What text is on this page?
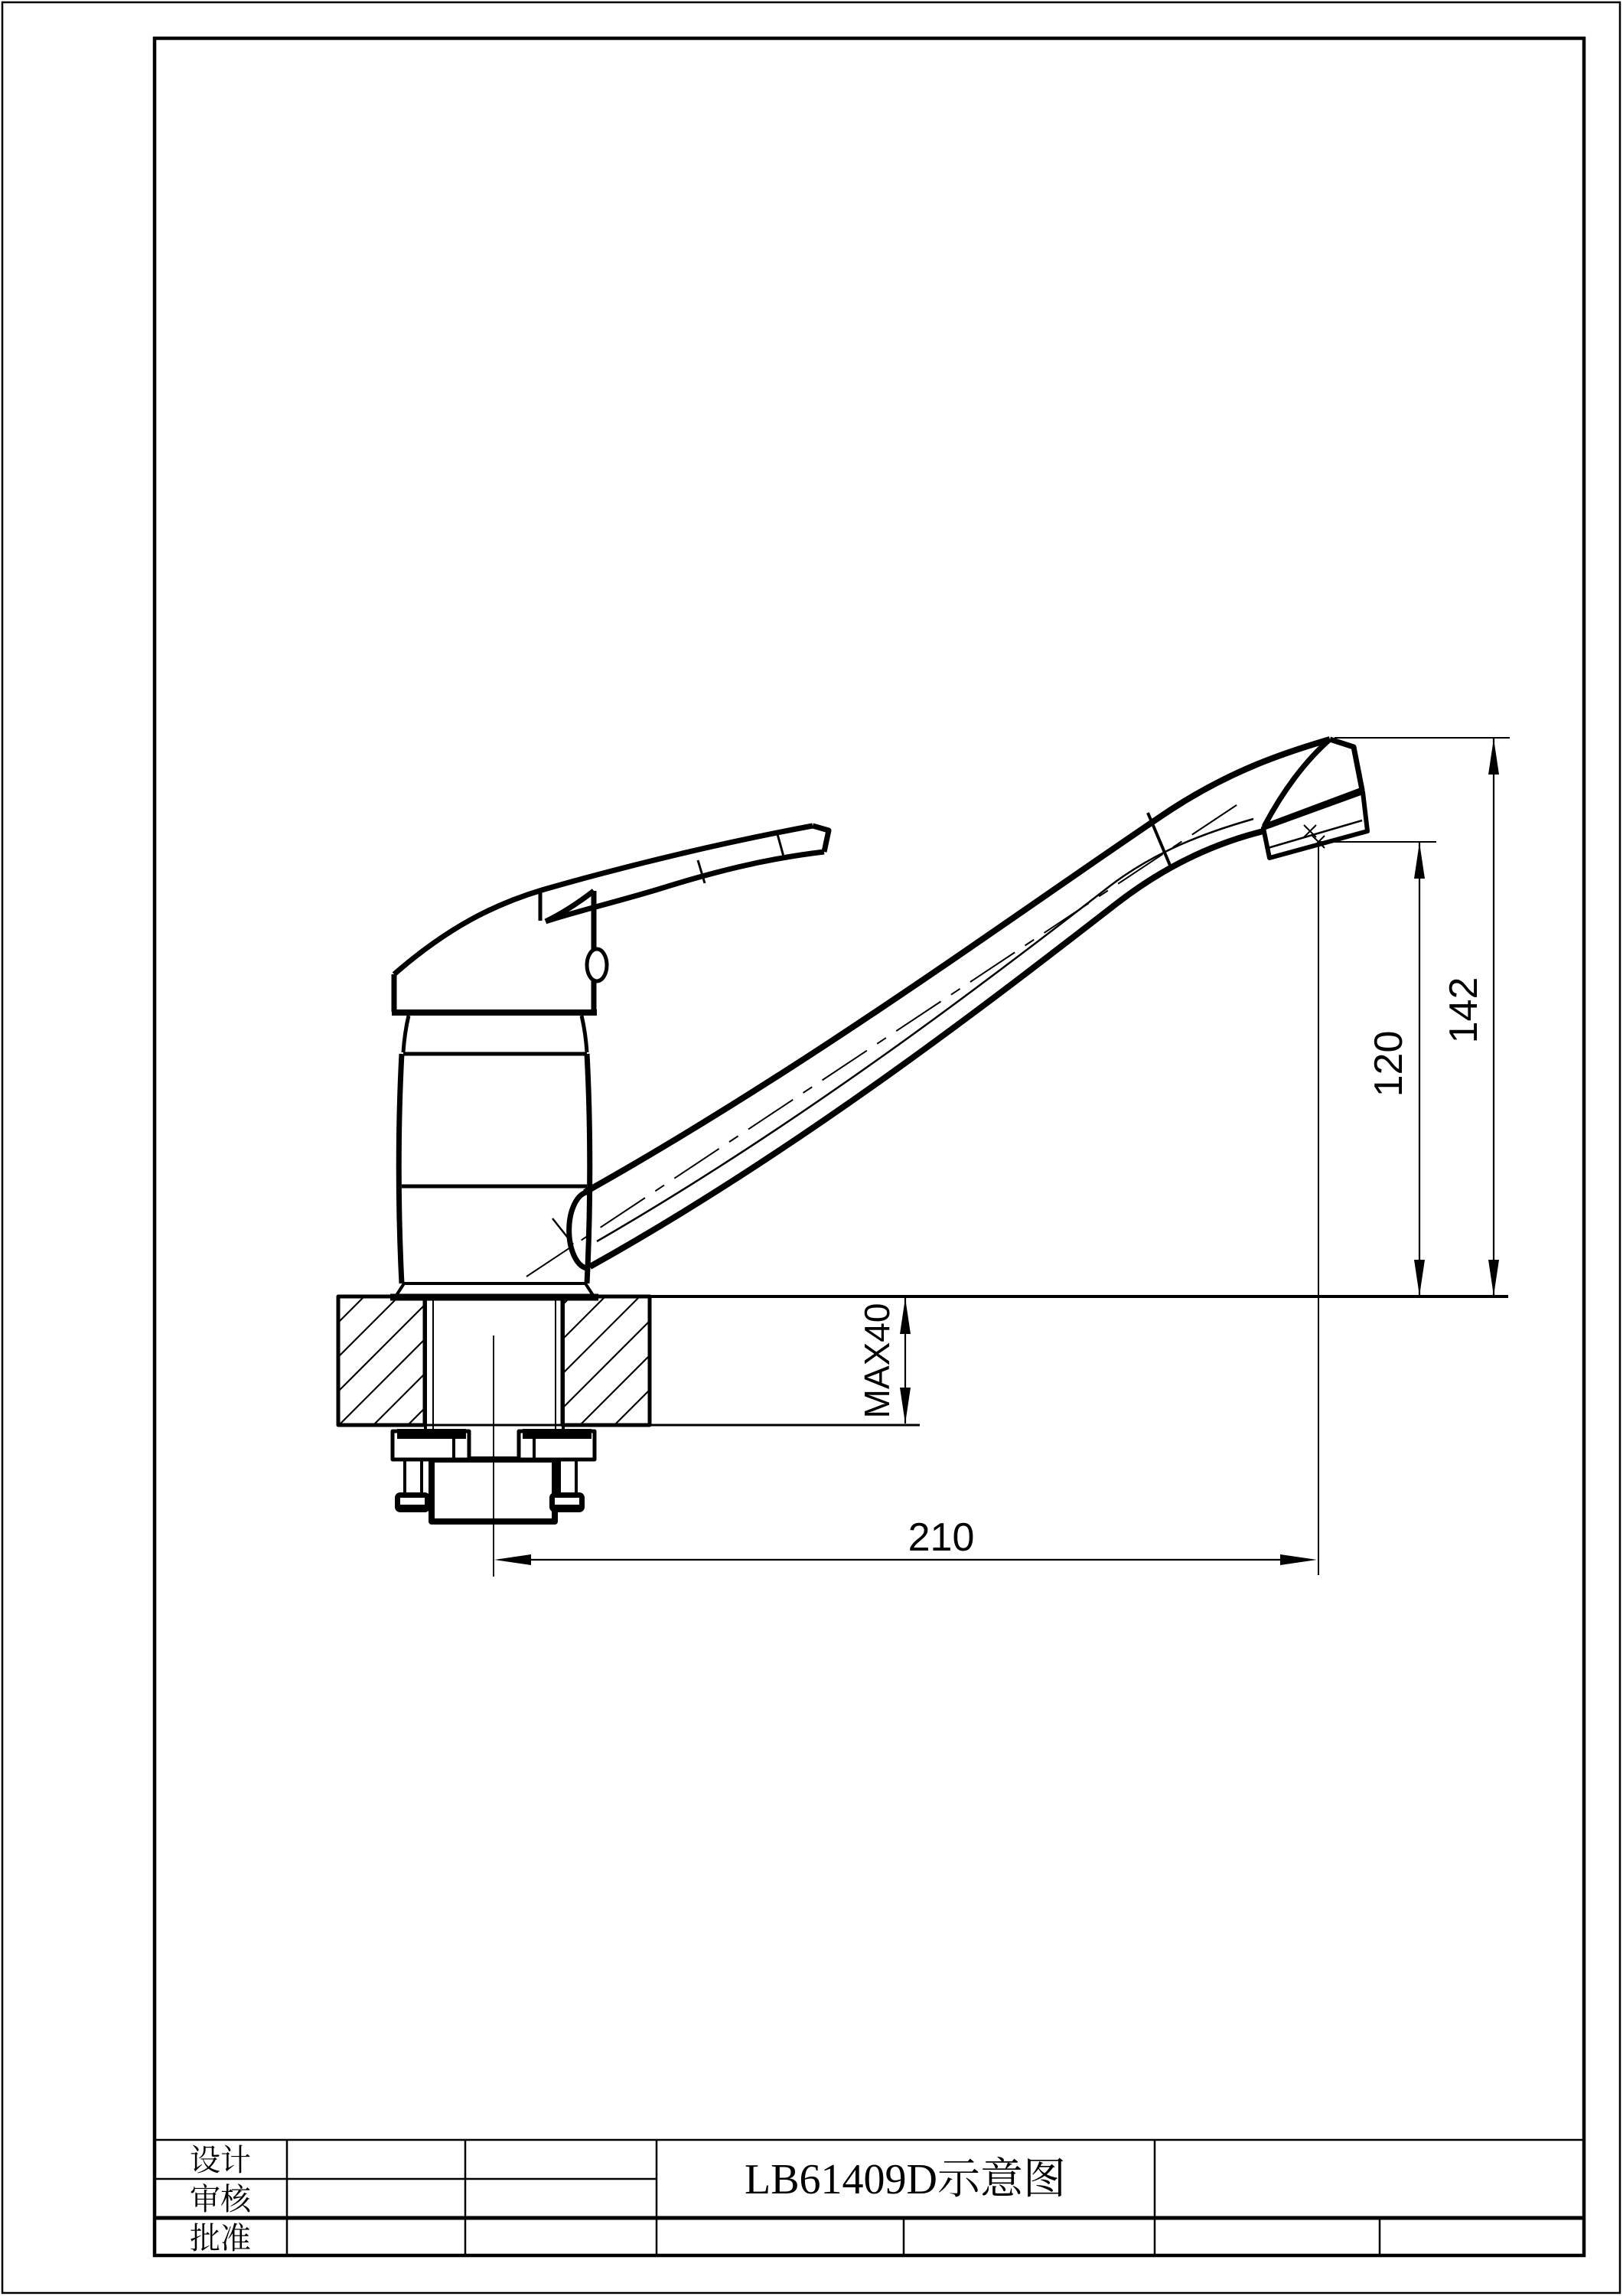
210
120
142
MAX40
设计
审核
批准
LB61409D示意图
